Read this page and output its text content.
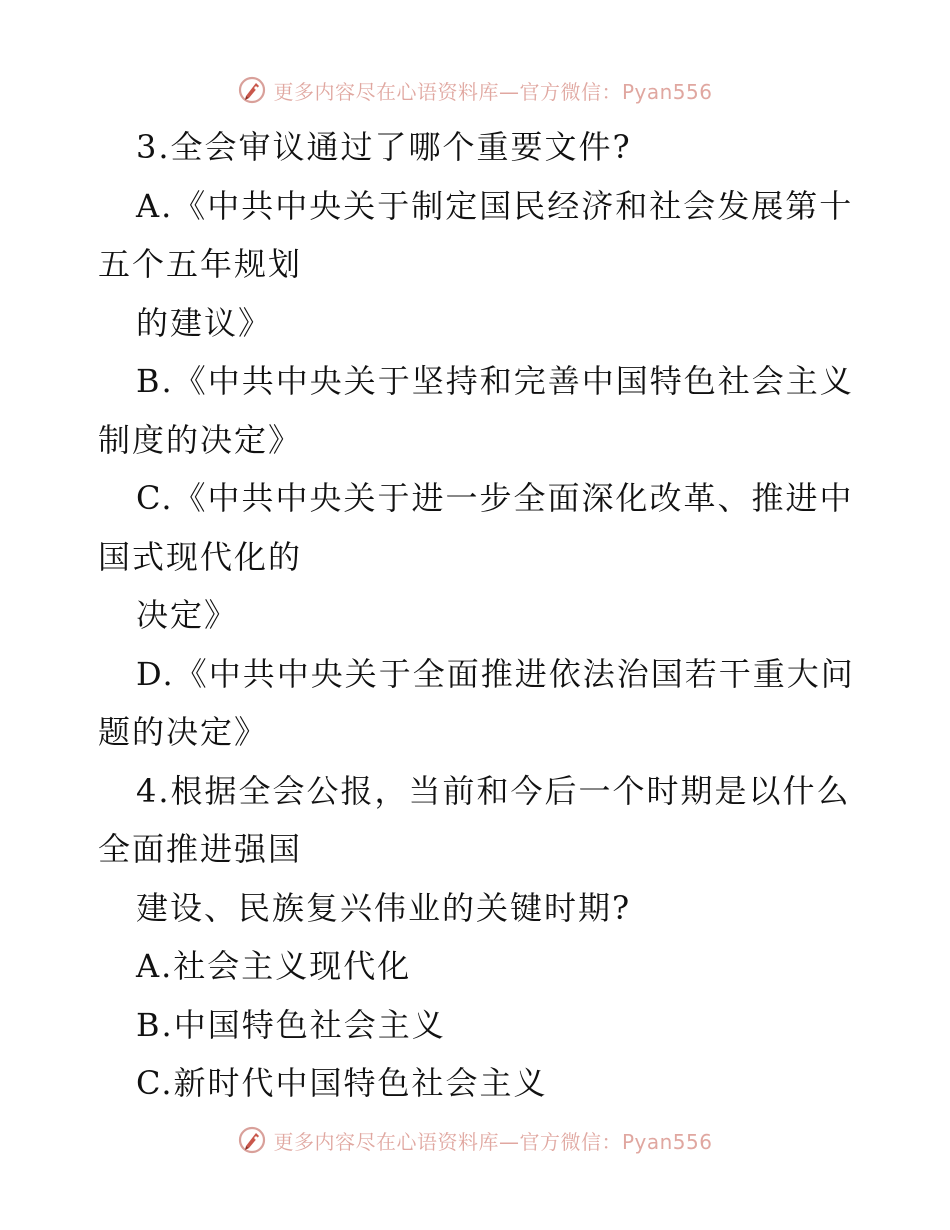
更多内容尽在心语资料库—官方微信：Pyan556
3.全会审议通过了哪个重要文件?
A.《中共中央关于制定国民经济和社会发展第十
五个五年规划
的建议》
B.《中共中央关于坚持和完善中国特色社会主义
制度的决定》
C.《中共中央关于进一步全面深化改革、推进中
国式现代化的
决定》
D.《中共中央关于全面推进依法治国若干重大问
题的决定》
4.根据全会公报，当前和今后一个时期是以什么
全面推进强国
建设、民族复兴伟业的关键时期?
A.社会主义现代化
B.中国特色社会主义
C.新时代中国特色社会主义
更多内容尽在心语资料库—官方微信：Pyan556
